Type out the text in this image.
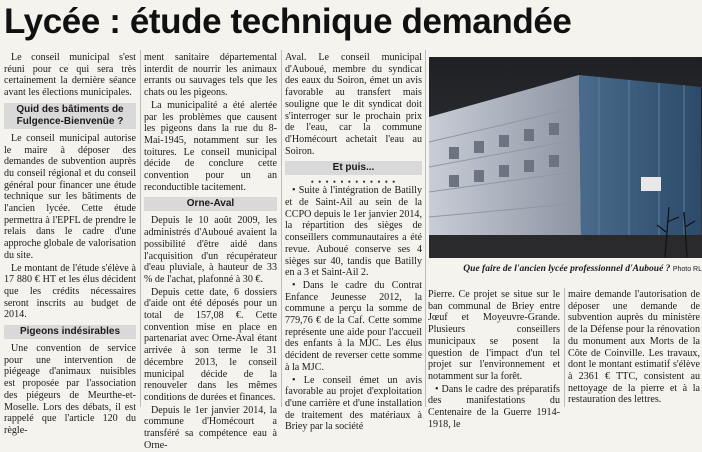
Lycée : étude technique demandée

Le conseil municipal s'est réuni pour ce qui sera très certainement la dernière séance avant les élections municipales.

Quid des bâtiments de Fulgence-Bienvenüe ?

Le conseil municipal autorise le maire à déposer des demandes de subvention auprès du conseil régional et du conseil général pour financer une étude technique sur les bâtiments de l'ancien lycée. Cette étude permettra à l'EPFL de prendre le relais dans le cadre d'une approche globale de valorisation du site.

Le montant de l'étude s'élève à 17 880 € HT et les élus décident que les crédits nécessaires seront inscrits au budget de 2014.

Pigeons indésirables

Une convention de service pour une intervention de piégeage d'animaux nuisibles est proposée par l'association des piégeurs de Meurthe-et-Moselle. Lors des débats, il est rappelé que l'article 120 du règle-

ment sanitaire départemental interdit de nourrir les animaux errants ou sauvages tels que les chats ou les pigeons.

La municipalité a été alertée par les problèmes que causent les pigeons dans la rue du 8-Mai-1945, notamment sur les toitures. Le conseil municipal décide de conclure cette convention pour un an reconductible tacitement.

Orne-Aval

Depuis le 10 août 2009, les administrés d'Auboué avaient la possibilité d'être aidé dans l'acquisition d'un récupérateur d'eau pluviale, à hauteur de 33 % de l'achat, plafonné à 30 €.

Depuis cette date, 6 dossiers d'aide ont été déposés pour un total de 157,08 €. Cette convention mise en place en partenariat avec Orne-Aval étant arrivée à son terme le 31 décembre 2013, le conseil municipal décide de la renouveler dans les mêmes conditions de durées et finances.

Depuis le 1er janvier 2014, la commune d'Homécourt a transféré sa compétence eau à Orne-

Aval. Le conseil municipal d'Auboué, membre du syndicat des eaux du Soiron, émet un avis favorable au transfert mais souligne que le dit syndicat doit s'interroger sur le prochain prix de l'eau, car la commune d'Homécourt achetait l'eau au Soiron.

Et puis...
• • • • • • • • • • • •

• Suite à l'intégration de Batilly et de Saint-Ail au sein de la CCPO depuis le 1er janvier 2014, la répartition des sièges de conseillers communautaires a été revue. Auboué conserve ses 4 sièges sur 40, tandis que Batilly en a 3 et Saint-Ail 2.

• Dans le cadre du Contrat Enfance Jeunesse 2012, la commune a perçu la somme de 779,76 € de la Caf. Cette somme représente une aide pour l'accueil des enfants à la MJC. Les élus décident de reverser cette somme à la MJC.

• Le conseil émet un avis favorable au projet d'exploitation d'une carrière et d'une installation de traitement des matériaux à Briey par la société

Que faire de l'ancien lycée professionnel d'Auboué ? Photo RL

Pierre. Ce projet se situe sur le ban communal de Briey entre Jœuf et Moyeuvre-Grande. Plusieurs conseillers municipaux se posent la question de l'impact d'un tel projet sur l'environnement et notamment sur la forêt.

• Dans le cadre des préparatifs des manifestations du Centenaire de la Guerre 1914-1918, le

maire demande l'autorisation de déposer une demande de subvention auprès du ministère de la Défense pour la rénovation du monument aux Morts de la Côte de Coinville. Les travaux, dont le montant estimatif s'élève à 2361 € TTC, consistent au nettoyage de la pierre et à la restauration des lettres.
